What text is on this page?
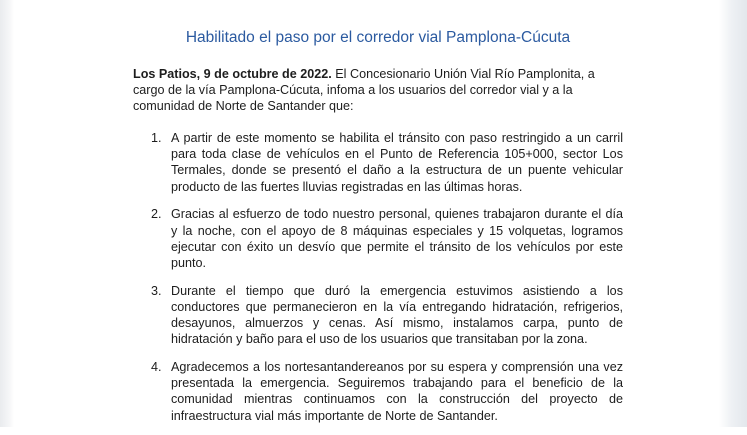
Habilitado el paso por el corredor vial Pamplona-Cúcuta

Los Patios, 9 de octubre de 2022. El Concesionario Unión Vial Río Pamplonita, a cargo de la vía Pamplona-Cúcuta, infoma a los usuarios del corredor vial y a la comunidad de Norte de Santander que:

1. A partir de este momento se habilita el tránsito con paso restringido a un carril para toda clase de vehículos en el Punto de Referencia 105+000, sector Los Termales, donde se presentó el daño a la estructura de un puente vehicular producto de las fuertes lluvias registradas en las últimas horas.
2. Gracias al esfuerzo de todo nuestro personal, quienes trabajaron durante el día y la noche, con el apoyo de 8 máquinas especiales y 15 volquetas, logramos ejecutar con éxito un desvío que permite el tránsito de los vehículos por este punto.
3. Durante el tiempo que duró la emergencia estuvimos asistiendo a los conductores que permanecieron en la vía entregando hidratación, refrigerios, desayunos, almuerzos y cenas. Así mismo, instalamos carpa, punto de hidratación y baño para el uso de los usuarios que transitaban por la zona.
4. Agradecemos a los nortesantandereanos por su espera y comprensión una vez presentada la emergencia. Seguiremos trabajando para el beneficio de la comunidad mientras continuamos con la construcción del proyecto de infraestructura vial más importante de Norte de Santander.
